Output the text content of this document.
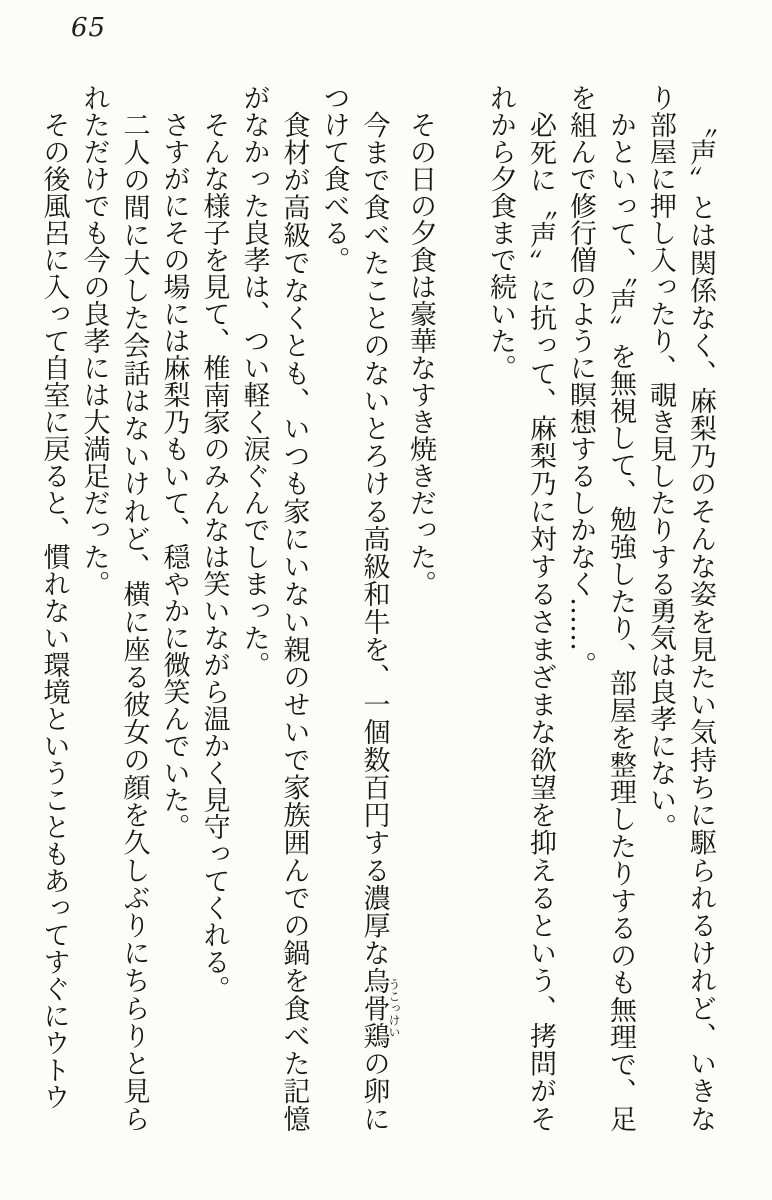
65

〝声〟とは関係なく、麻梨乃のそんな姿を見たい気持ちに駆られるけれど、いきなり部屋に押し入ったり、覗き見したりする勇気は良孝にない。

かといって、〝声〟を無視して、勉強したり、部屋を整理したりするのも無理で、足を組んで修行僧のように瞑想するしかなく……。

必死に〝声〟に抗って、麻梨乃に対するさまざまな欲望を抑えるという、拷問がそれから夕食まで続いた。

その日の夕食は豪華なすき焼きだった。

今まで食べたことのないとろける高級和牛を、一個数百円する濃厚な烏骨鶏うこっけいの卵につけて食べる。

食材が高級でなくとも、いつも家にいない親のせいで家族囲んでの鍋を食べた記憶がなかった良孝は、つい軽く涙ぐんでしまった。

そんな様子を見て、椎南家のみんなは笑いながら温かく見守ってくれる。

さすがにその場には麻梨乃もいて、穏やかに微笑んでいた。

二人の間に大した会話はないけれど、横に座る彼女の顔を久しぶりにちらりと見られただけでも今の良孝には大満足だった。

その後風呂に入って自室に戻ると、慣れない環境ということもあってすぐにウトウ
